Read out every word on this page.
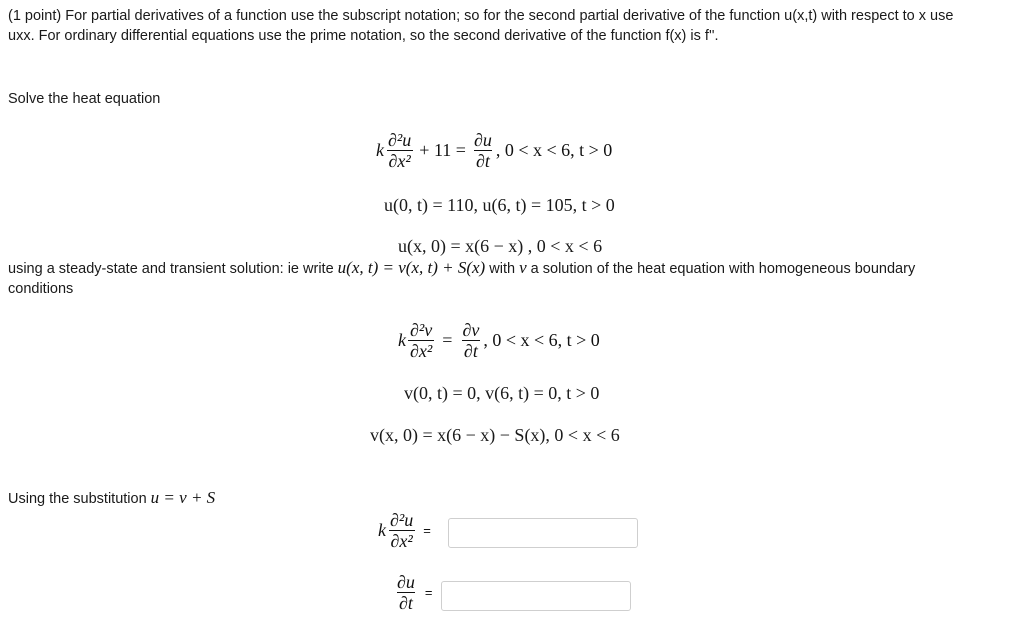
(1 point) For partial derivatives of a function use the subscript notation; so for the second partial derivative of the function u(x,t) with respect to x use
uxx. For ordinary differential equations use the prime notation, so the second derivative of the function f(x) is f''.
Solve the heat equation
k $\frac{\text{∂²u}}{\text{∂x²}} + 11 = \frac{\partial u}{\partial t}$ , 0 < x < 6, t > 0
u(0, t) = 110, u(6, t) = 105, t > 0
u(x, 0) = x(6 − x) , 0 < x < 6
using a steady-state and transient solution: ie write u(x, t) = v(x, t) + S(x) with v a solution of the heat equation with homogeneous boundary
conditions
k $\frac{\text{∂²v}}{\text{∂x²}} = \frac{\partial v}{\partial t}$ , 0 < x < 6, t > 0
v(0, t) = 0, v(6, t) = 0, t > 0
v(x, 0) = x(6 − x) − S(x), 0 < x < 6
Using the substitution u = v + S
k $\frac{\text{∂²u}}{\text{∂x²}}$ =
$\frac{\partial u}{\partial t}$ =
